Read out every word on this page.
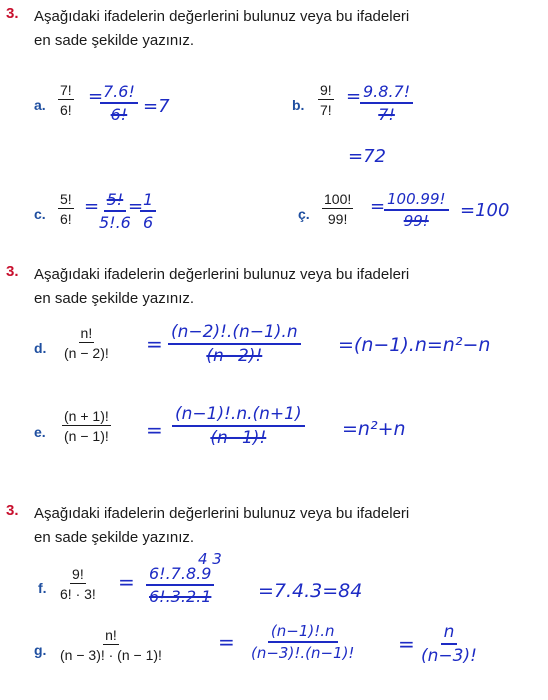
3. Aşağıdaki ifadelerin değerlerini bulunuz veya bu ifadeleri
en sade şekilde yazınız.
a. $\frac{7!}{6!}$ =
$\frac{7.6!}{6!} =7$	b. $\frac{9!}{7!}$ =
$\frac{9.8.7!}{7!}$
=72
c. $\frac{5!}{6!}$ =
$\frac{5!}{5!.6}$
=
$\frac{1}{6}$	ç. $\frac{100!}{99!}$ =
$\frac{100.99!}{99!} =100$
3. Aşağıdaki ifadelerin değerlerini bulunuz veya bu ifadeleri
en sade şekilde yazınız.
d. $\frac{n!}{(n - 2)!} = \frac{(n-2)!.(n-1).n}{(n-2)!} =(n-1).n=n^2-n$
e. $\frac{(n + 1)!}{(n - 1)!} = \frac{(n-1)!.n.(n+1)}{(n-1)!} =n^2+n$
3. Aşağıdaki ifadelerin değerlerini bulunuz veya bu ifadeleri
en sade şekilde yazınız.
f. $\frac{9!}{6! \cdot 3!}$ =
4 3
$\frac{6!.7.8.9}{6!.3.2.1} =7.4.3=84$
g. $\frac{n!}{(n - 3)! \cdot (n - 1)!}$	= $\frac{(n-1)!.n}{(n-3)!.(n-1)!} = \frac{n}{(n-3)!}$
